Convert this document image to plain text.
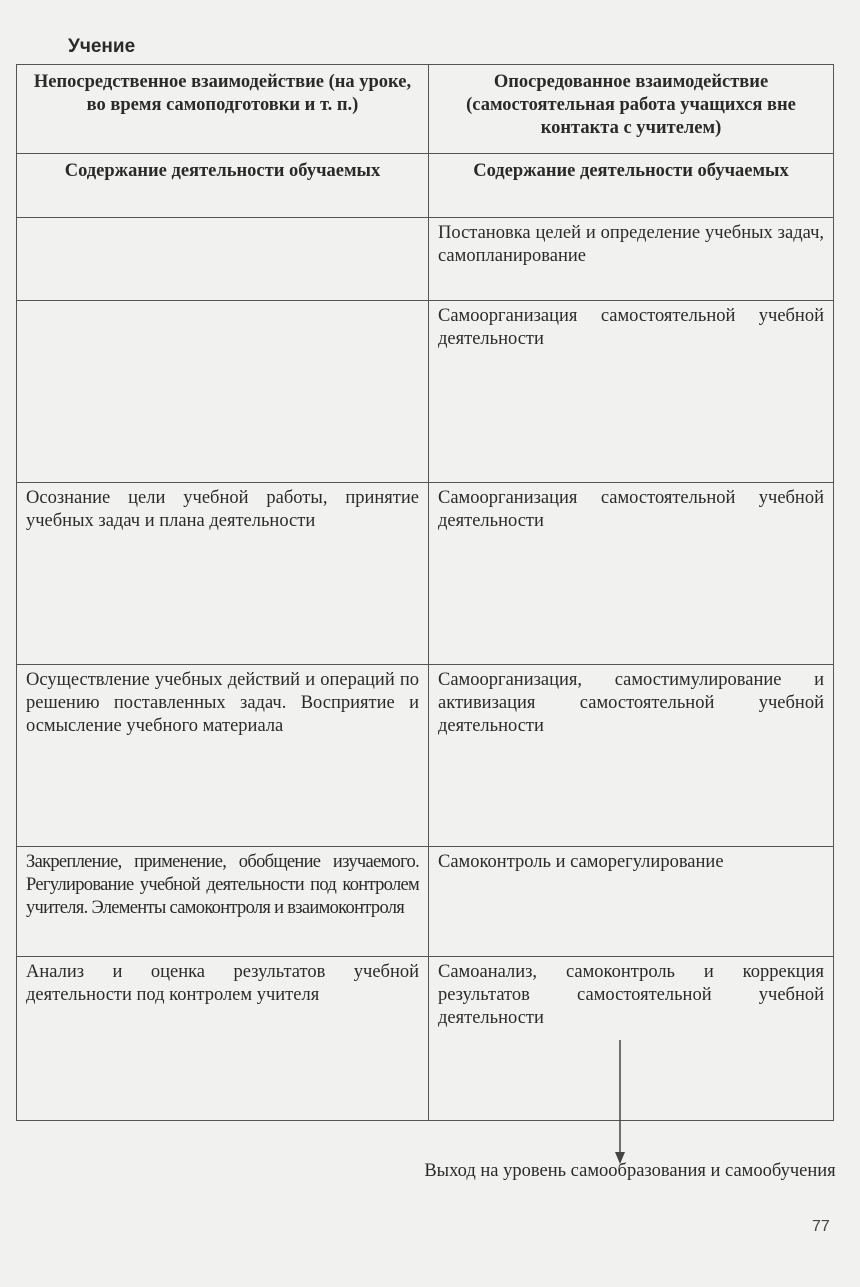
Учение
Непосредственное взаимодействие (на уроке, во время самоподготовки и т. п.)	Опосредованное взаимодействие (самостоятельная работа учащихся вне контакта с учителем)
Содержание деятельности обучаемых	Содержание деятельности обучаемых
	Постановка целей и определение учебных задач, самопланирование
	Самоорганизация самостоятельной учебной деятельности
Осознание цели учебной работы, принятие учебных задач и плана деятельности	Самоорганизация самостоятельной учебной деятельности
Осуществление учебных действий и операций по решению поставленных задач. Восприятие и осмысление учебного материала	Самоорганизация, самостимулирование и активизация самостоятельной учебной деятельности
Закрепление, применение, обобщение изучаемого. Регулирование учебной деятельности под контролем учителя. Элементы самоконтроля и взаимоконтроля	Самоконтроль и саморегулирование
Анализ и оценка результатов учебной деятельности под контролем учителя	Самоанализ, самоконтроль и коррекция результатов самостоятельной учебной деятельности
Выход на уровень самообразования и самообучения
77
